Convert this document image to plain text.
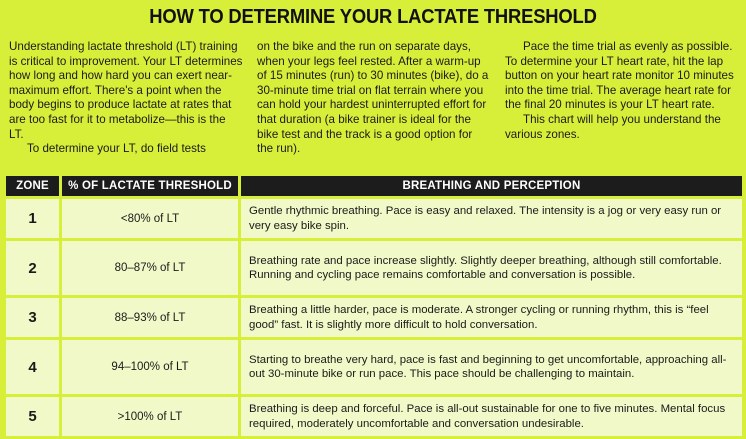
HOW TO DETERMINE YOUR LACTATE THRESHOLD

Understanding lactate threshold (LT) training is critical to improvement. Your LT determines how long and how hard you can exert near-maximum effort. There's a point when the body begins to produce lactate at rates that are too fast for it to metabolize—this is the LT.

To determine your LT, do field tests

on the bike and the run on separate days, when your legs feel rested. After a warm-up of 15 minutes (run) to 30 minutes (bike), do a 30-minute time trial on flat terrain where you can hold your hardest uninterrupted effort for that duration (a bike trainer is ideal for the bike test and the track is a good option for the run).

Pace the time trial as evenly as possible. To determine your LT heart rate, hit the lap button on your heart rate monitor 10 minutes into the time trial. The average heart rate for the final 20 minutes is your LT heart rate.

This chart will help you understand the various zones.

ZONE	% OF LACTATE THRESHOLD	BREATHING AND PERCEPTION
1	<80% of LT	Gentle rhythmic breathing. Pace is easy and relaxed. The intensity is a jog or very easy run or very easy bike spin.
2	80–87% of LT	Breathing rate and pace increase slightly. Slightly deeper breathing, although still comfortable. Running and cycling pace remains comfortable and conversation is possible.
3	88–93% of LT	Breathing a little harder, pace is moderate. A stronger cycling or running rhythm, this is “feel good” fast. It is slightly more difficult to hold conversation.
4	94–100% of LT	Starting to breathe very hard, pace is fast and beginning to get uncomfortable, approaching all-out 30-minute bike or run pace. This pace should be challenging to maintain.
5	>100% of LT	Breathing is deep and forceful. Pace is all-out sustainable for one to five minutes. Mental focus required, moderately uncomfortable and conversation undesirable.
